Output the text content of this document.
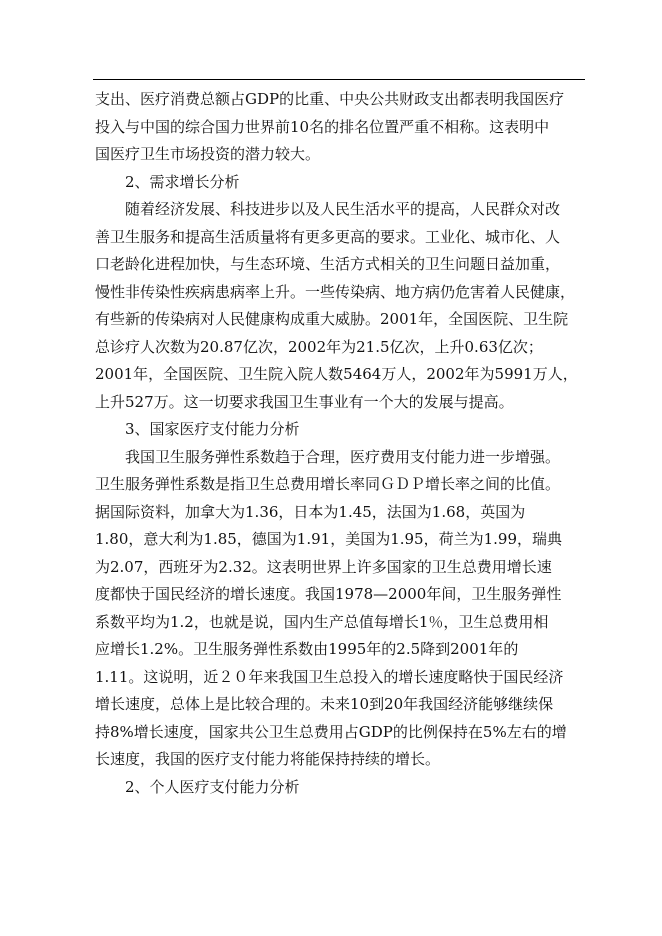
支出、医疗消费总额占GDP的比重、中央公共财政支出都表明我国医疗
投入与中国的综合国力世界前10名的排名位置严重不相称。这表明中
国医疗卫生市场投资的潜力较大。
2、需求增长分析
随着经济发展、科技进步以及人民生活水平的提高，人民群众对改
善卫生服务和提高生活质量将有更多更高的要求。工业化、城市化、人
口老龄化进程加快，与生态环境、生活方式相关的卫生问题日益加重，
慢性非传染性疾病患病率上升。一些传染病、地方病仍危害着人民健康，
有些新的传染病对人民健康构成重大威胁。2001年，全国医院、卫生院
总诊疗人次数为20.87亿次，2002年为21.5亿次，上升0.63亿次；
2001年，全国医院、卫生院入院人数5464万人，2002年为5991万人，
上升527万。这一切要求我国卫生事业有一个大的发展与提高。
3、国家医疗支付能力分析
我国卫生服务弹性系数趋于合理，医疗费用支付能力进一步增强。
卫生服务弹性系数是指卫生总费用增长率同ＧＤＰ增长率之间的比值。
据国际资料，加拿大为1.36，日本为1.45，法国为1.68，英国为
1.80，意大利为1.85，德国为1.91，美国为1.95，荷兰为1.99，瑞典
为2.07，西班牙为2.32。这表明世界上许多国家的卫生总费用增长速
度都快于国民经济的增长速度。我国1978—2000年间，卫生服务弹性
系数平均为1.2，也就是说，国内生产总值每增长1％，卫生总费用相
应增长1.2%。卫生服务弹性系数由1995年的2.5降到2001年的
1.11。这说明，近２０年来我国卫生总投入的增长速度略快于国民经济
增长速度，总体上是比较合理的。未来10到20年我国经济能够继续保
持8%增长速度，国家共公卫生总费用占GDP的比例保持在5%左右的增
长速度，我国的医疗支付能力将能保持持续的增长。
2、个人医疗支付能力分析
